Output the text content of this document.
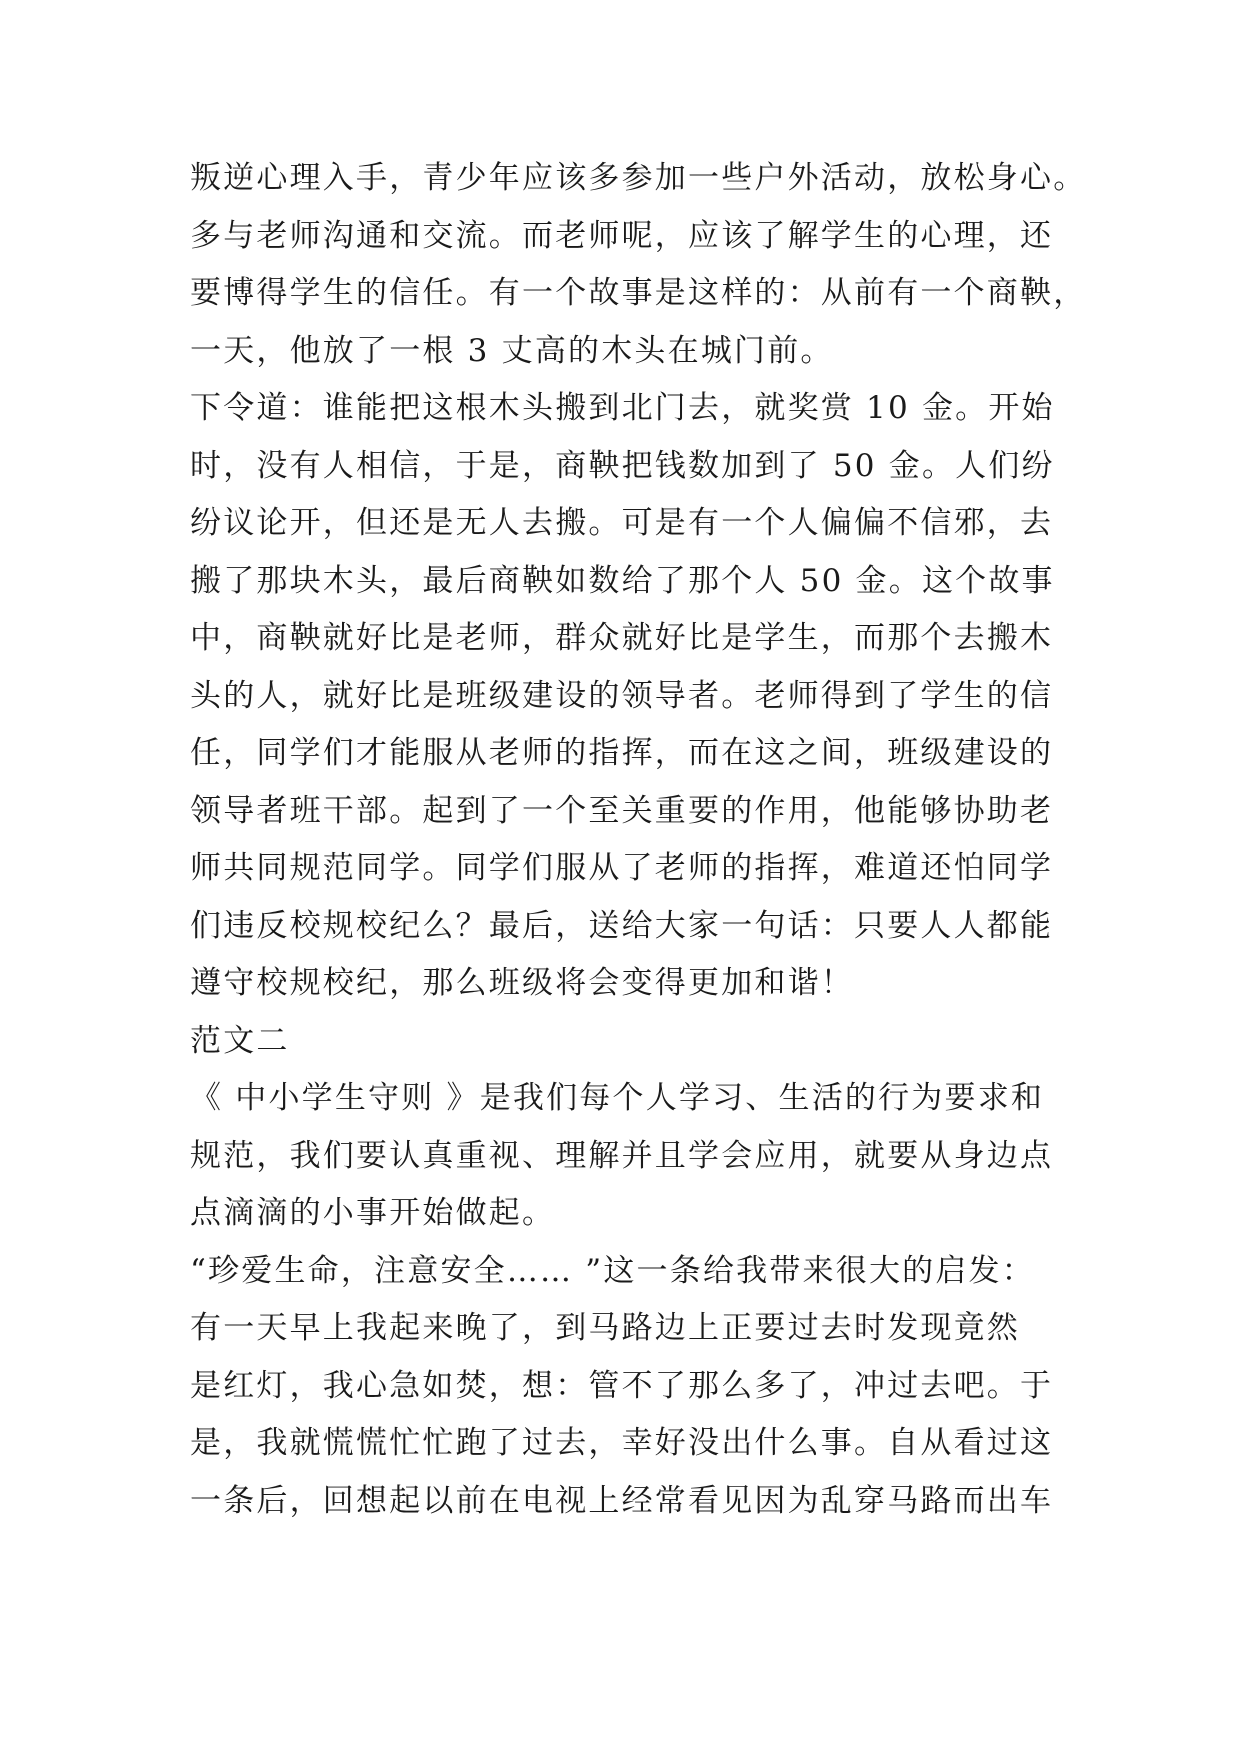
叛逆心理入手，青少年应该多参加一些户外活动，放松身心。
多与老师沟通和交流。而老师呢，应该了解学生的心理，还
要博得学生的信任。有一个故事是这样的：从前有一个商鞅，
一天，他放了一根 3 丈高的木头在城门前。
下令道：谁能把这根木头搬到北门去，就奖赏 10 金。开始
时，没有人相信，于是，商鞅把钱数加到了 50 金。人们纷
纷议论开，但还是无人去搬。可是有一个人偏偏不信邪，去
搬了那块木头，最后商鞅如数给了那个人 50 金。这个故事
中，商鞅就好比是老师，群众就好比是学生，而那个去搬木
头的人，就好比是班级建设的领导者。老师得到了学生的信
任，同学们才能服从老师的指挥，而在这之间，班级建设的
领导者班干部。起到了一个至关重要的作用，他能够协助老
师共同规范同学。同学们服从了老师的指挥，难道还怕同学
们违反校规校纪么？最后，送给大家一句话：只要人人都能
遵守校规校纪，那么班级将会变得更加和谐！
范文二
《 中小学生守则 》是我们每个人学习、生活的行为要求和
规范，我们要认真重视、理解并且学会应用，就要从身边点
点滴滴的小事开始做起。
“珍爱生命，注意安全…… ”这一条给我带来很大的启发：
有一天早上我起来晚了，到马路边上正要过去时发现竟然
是红灯，我心急如焚，想：管不了那么多了，冲过去吧。于
是，我就慌慌忙忙跑了过去，幸好没出什么事。自从看过这
一条后，回想起以前在电视上经常看见因为乱穿马路而出车
